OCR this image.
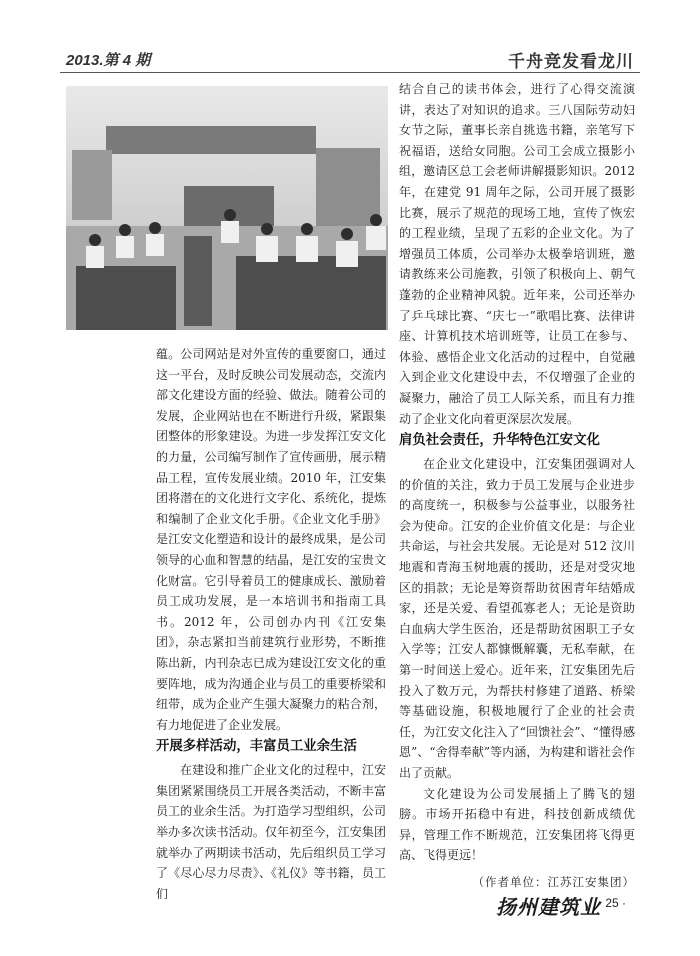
2013.第 4 期	千舟竞发看龙川

蕴。公司网站是对外宣传的重要窗口，通过这一平台，及时反映公司发展动态，交流内部文化建设方面的经验、做法。随着公司的发展，企业网站也在不断进行升级，紧跟集团整体的形象建设。为进一步发挥江安文化的力量，公司编写制作了宣传画册，展示精品工程，宣传发展业绩。2010 年，江安集团将潜在的文化进行文字化、系统化，提炼和编制了企业文化手册。《企业文化手册》是江安文化塑造和设计的最终成果，是公司领导的心血和智慧的结晶，是江安的宝贵文化财富。它引导着员工的健康成长、激励着员工成功发展，是一本培训书和指南工具书。2012 年，公司创办内刊《江安集团》，杂志紧扣当前建筑行业形势，不断推陈出新，内刊杂志已成为建设江安文化的重要阵地，成为沟通企业与员工的重要桥梁和纽带，成为企业产生强大凝聚力的粘合剂，有力地促进了企业发展。

开展多样活动，丰富员工业余生活

在建设和推广企业文化的过程中，江安集团紧紧围绕员工开展各类活动，不断丰富员工的业余生活。为打造学习型组织，公司举办多次读书活动。仅年初至今，江安集团就举办了两期读书活动，先后组织员工学习了《尽心尽力尽责》、《礼仪》等书籍，员工们

结合自己的读书体会，进行了心得交流演讲，表达了对知识的追求。三八国际劳动妇女节之际，董事长亲自挑选书籍，亲笔写下祝福语，送给女同胞。公司工会成立摄影小组，邀请区总工会老师讲解摄影知识。2012 年，在建党 91 周年之际，公司开展了摄影比赛，展示了规范的现场工地，宣传了恢宏的工程业绩，呈现了五彩的企业文化。为了增强员工体质，公司举办太极拳培训班，邀请教练来公司施教，引领了积极向上、朝气蓬勃的企业精神风貌。近年来，公司还举办了乒乓球比赛、“庆七一”歌唱比赛、法律讲座、计算机技术培训班等，让员工在参与、体验、感悟企业文化活动的过程中，自觉融入到企业文化建设中去，不仅增强了企业的凝聚力，融洽了员工人际关系，而且有力推动了企业文化向着更深层次发展。

肩负社会责任，升华特色江安文化

在企业文化建设中，江安集团强调对人的价值的关注，致力于员工发展与企业进步的高度统一，积极参与公益事业，以服务社会为使命。江安的企业价值文化是：与企业共命运，与社会共发展。无论是对 512 汶川地震和青海玉树地震的援助，还是对受灾地区的捐款；无论是筹资帮助贫困青年结婚成家，还是关爱、看望孤寡老人；无论是资助白血病大学生医治，还是帮助贫困职工子女入学等；江安人都慷慨解囊，无私奉献，在第一时间送上爱心。近年来，江安集团先后投入了数万元，为帮扶村修建了道路、桥梁等基础设施，积极地履行了企业的社会责任，为江安文化注入了“回馈社会”、“懂得感恩”、“舍得奉献”等内涵，为构建和谐社会作出了贡献。

文化建设为公司发展插上了腾飞的翅膀。市场开拓稳中有进，科技创新成绩优异，管理工作不断规范，江安集团将飞得更高、飞得更远！

（作者单位：江苏江安集团）

扬州建筑业
· 25 ·
